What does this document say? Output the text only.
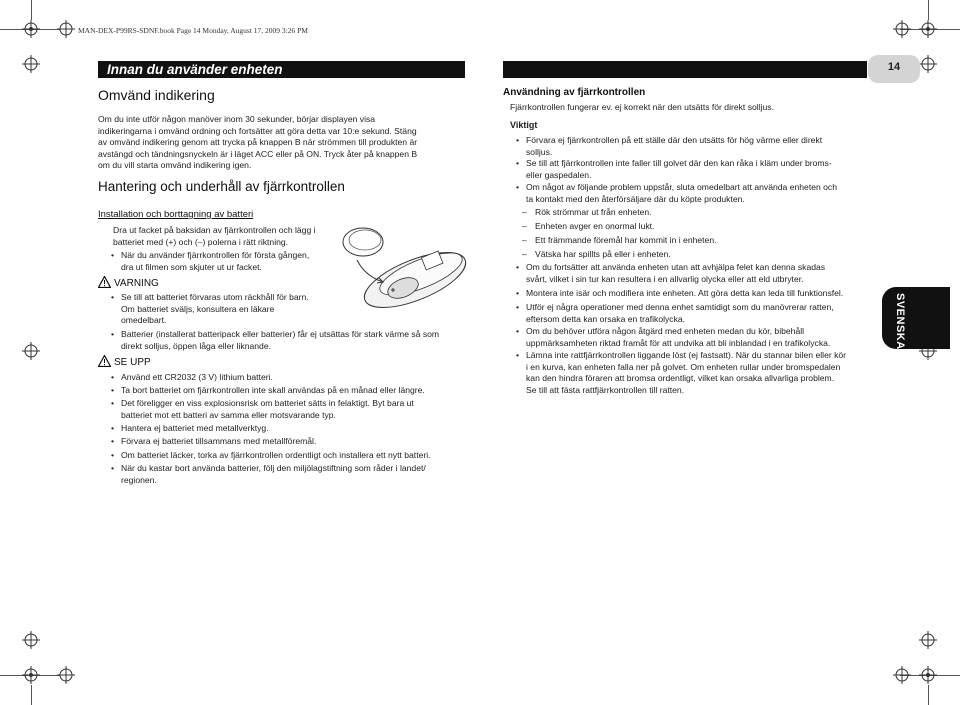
MAN-DEX-P99RS-SDNF.book Page 14 Monday, August 17, 2009 3:26 PM
Innan du använder enheten	14
Omvänd indikering
Om du inte utför någon manöver inom 30 sekunder, börjar displayen visa
indikeringarna i omvänd ordning och fortsätter att göra detta var 10:e sekund. Stäng
av omvänd indikering genom att trycka på knappen B när strömmen till produkten är
avstängd och tändningsnyckeln är i läget ACC eller på ON. Tryck åter på knappen B
om du vill starta omvänd indikering igen.
Hantering och underhåll av fjärrkontrollen
Installation och borttagning av batteri
Dra ut facket på baksidan av fjärrkontrollen och lägg i
batteriet med (+) och (–) polerna i rätt riktning.
• När du använder fjärrkontrollen för första gången,
dra ut filmen som skjuter ut ur facket.
VARNING
• Se till att batteriet förvaras utom räckhåll för barn.
Om batteriet sväljs, konsultera en läkare
omedelbart.
• Batterier (installerat batteripack eller batterier) får ej utsättas för stark värme så som
direkt solljus, öppen låga eller liknande.
SE UPP
• Använd ett CR2032 (3 V) lithium batteri.
• Ta bort batteriet om fjärrkontrollen inte skall användas på en månad eller längre.
• Det föreligger en viss explosionsrisk om batteriet sätts in felaktigt. Byt bara ut
batteriet mot ett batteri av samma eller motsvarande typ.
• Hantera ej batteriet med metallverktyg.
• Förvara ej batteriet tillsammans med metallföremål.
• Om batteriet läcker, torka av fjärrkontrollen ordentligt och installera ett nytt batteri.
• När du kastar bort använda batterier, följ den miljölagstiftning som råder i landet/
regionen.
Användning av fjärrkontrollen
Fjärrkontrollen fungerar ev. ej korrekt när den utsätts för direkt solljus.
Viktigt
• Förvara ej fjärrkontrollen på ett ställe där den utsätts för hög värme eller direkt
solljus.
• Se till att fjärrkontrollen inte faller till golvet där den kan råka i kläm under broms-
eller gaspedalen.
• Om något av följande problem uppstår, sluta omedelbart att använda enheten och
ta kontakt med den återförsäljare där du köpte produkten.
– Rök strömmar ut från enheten.
– Enheten avger en onormal lukt.
– Ett främmande föremål har kommit in i enheten.
– Vätska har spillts på eller i enheten.
• Om du fortsätter att använda enheten utan att avhjälpa felet kan denna skadas
svårt, vilket i sin tur kan resultera i en allvarlig olycka eller att eld utbryter.
• Montera inte isär och modifiera inte enheten. Att göra detta kan leda till funktionsfel.
• Utför ej några operationer med denna enhet samtidigt som du manövrerar ratten,
eftersom detta kan orsaka en trafikolycka.
• Om du behöver utföra någon åtgärd med enheten medan du kör, bibehåll
uppmärksamheten riktad framåt för att undvika att bli inblandad i en trafikolycka.
• Lämna inte rattfjärrkontrollen liggande löst (ej fastsatt). När du stannar bilen eller kör
i en kurva, kan enheten falla ner på golvet. Om enheten rullar under bromspedalen
kan den hindra föraren att bromsa ordentligt, vilket kan orsaka allvarliga problem.
Se till att fästa rattfjärrkontrollen till ratten.
SVENSKA
